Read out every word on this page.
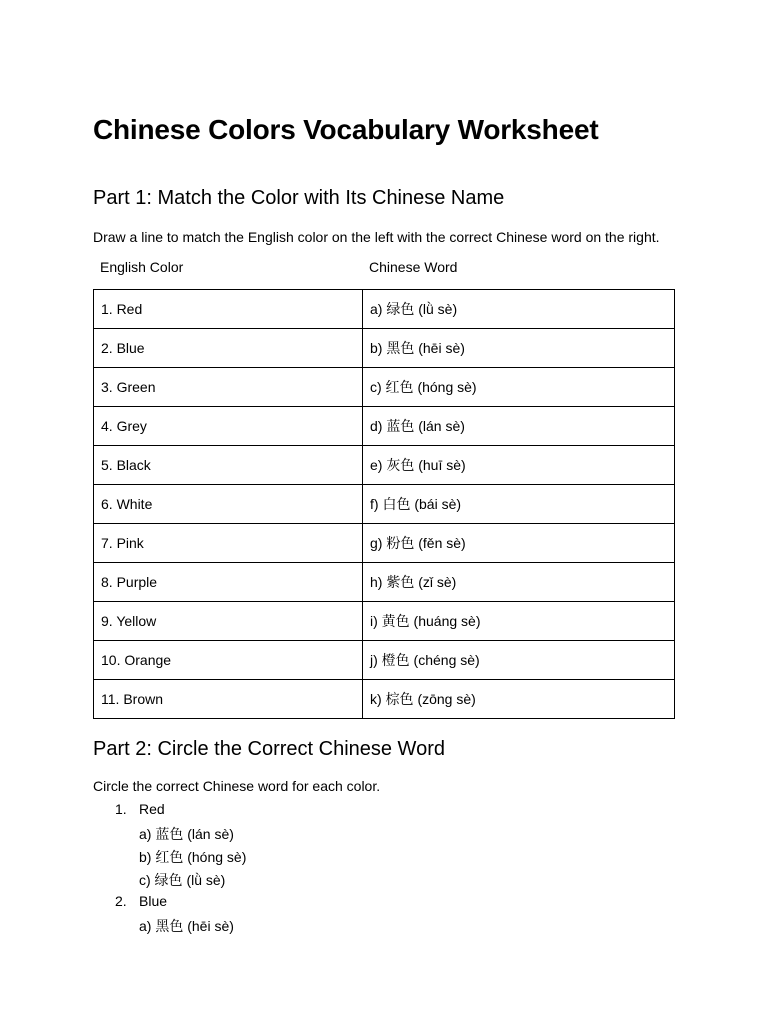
Chinese Colors Vocabulary Worksheet
Part 1: Match the Color with Its Chinese Name

Draw a line to match the English color on the left with the correct Chinese word on the right.

English Color	Chinese Word
1. Red	a) 绿色 (lǜ sè)
2. Blue	b) 黑色 (hēi sè)
3. Green	c) 红色 (hóng sè)
4. Grey	d) 蓝色 (lán sè)
5. Black	e) 灰色 (huī sè)
6. White	f) 白色 (bái sè)
7. Pink	g) 粉色 (fěn sè)
8. Purple	h) 紫色 (zǐ sè)
9. Yellow	i) 黄色 (huáng sè)
10. Orange	j) 橙色 (chéng sè)
11. Brown	k) 棕色 (zōng sè)
Part 2: Circle the Correct Chinese Word

Circle the correct Chinese word for each color.

1. Red
a) 蓝色 (lán sè)
b) 红色 (hóng sè)
c) 绿色 (lǜ sè)
2. Blue
a) 黑色 (hēi sè)
